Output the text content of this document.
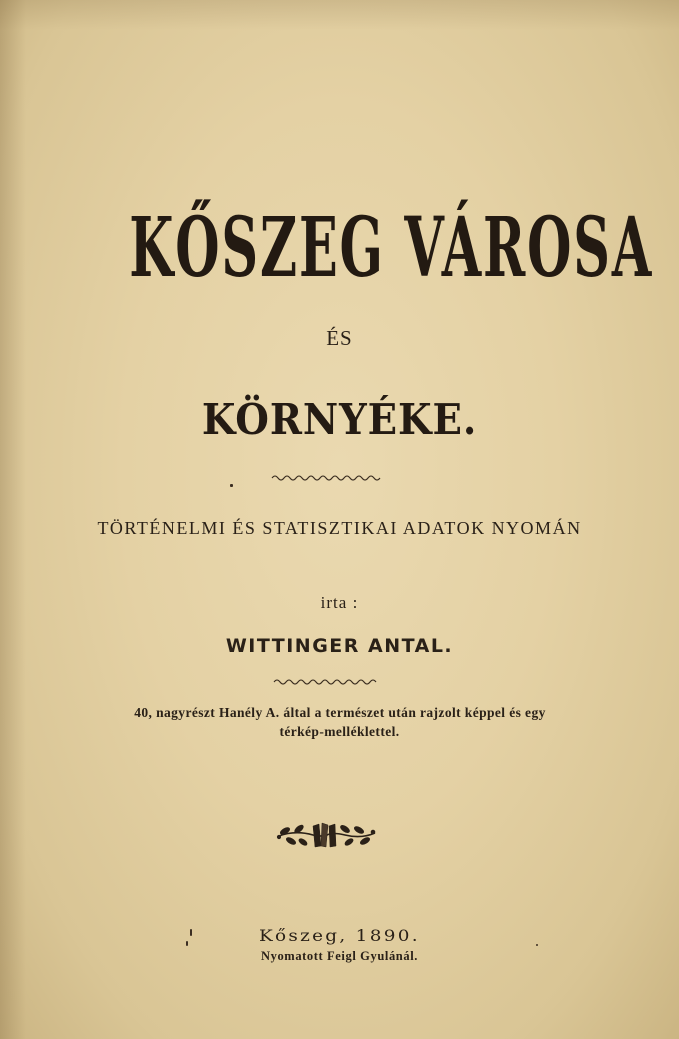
KŐSZEG VÁROSA
ÉS
KÖRNYÉKE.
TÖRTÉNELMI ÉS STATISZTIKAI ADATOK NYOMÁN
irta :
WITTINGER ANTAL.
40, nagyrészt Hanély A. által a természet után rajzolt képpel és egy
térkép-melléklettel.
Kőszeg, 1890.
Nyomatott Feigl Gyulánál.
